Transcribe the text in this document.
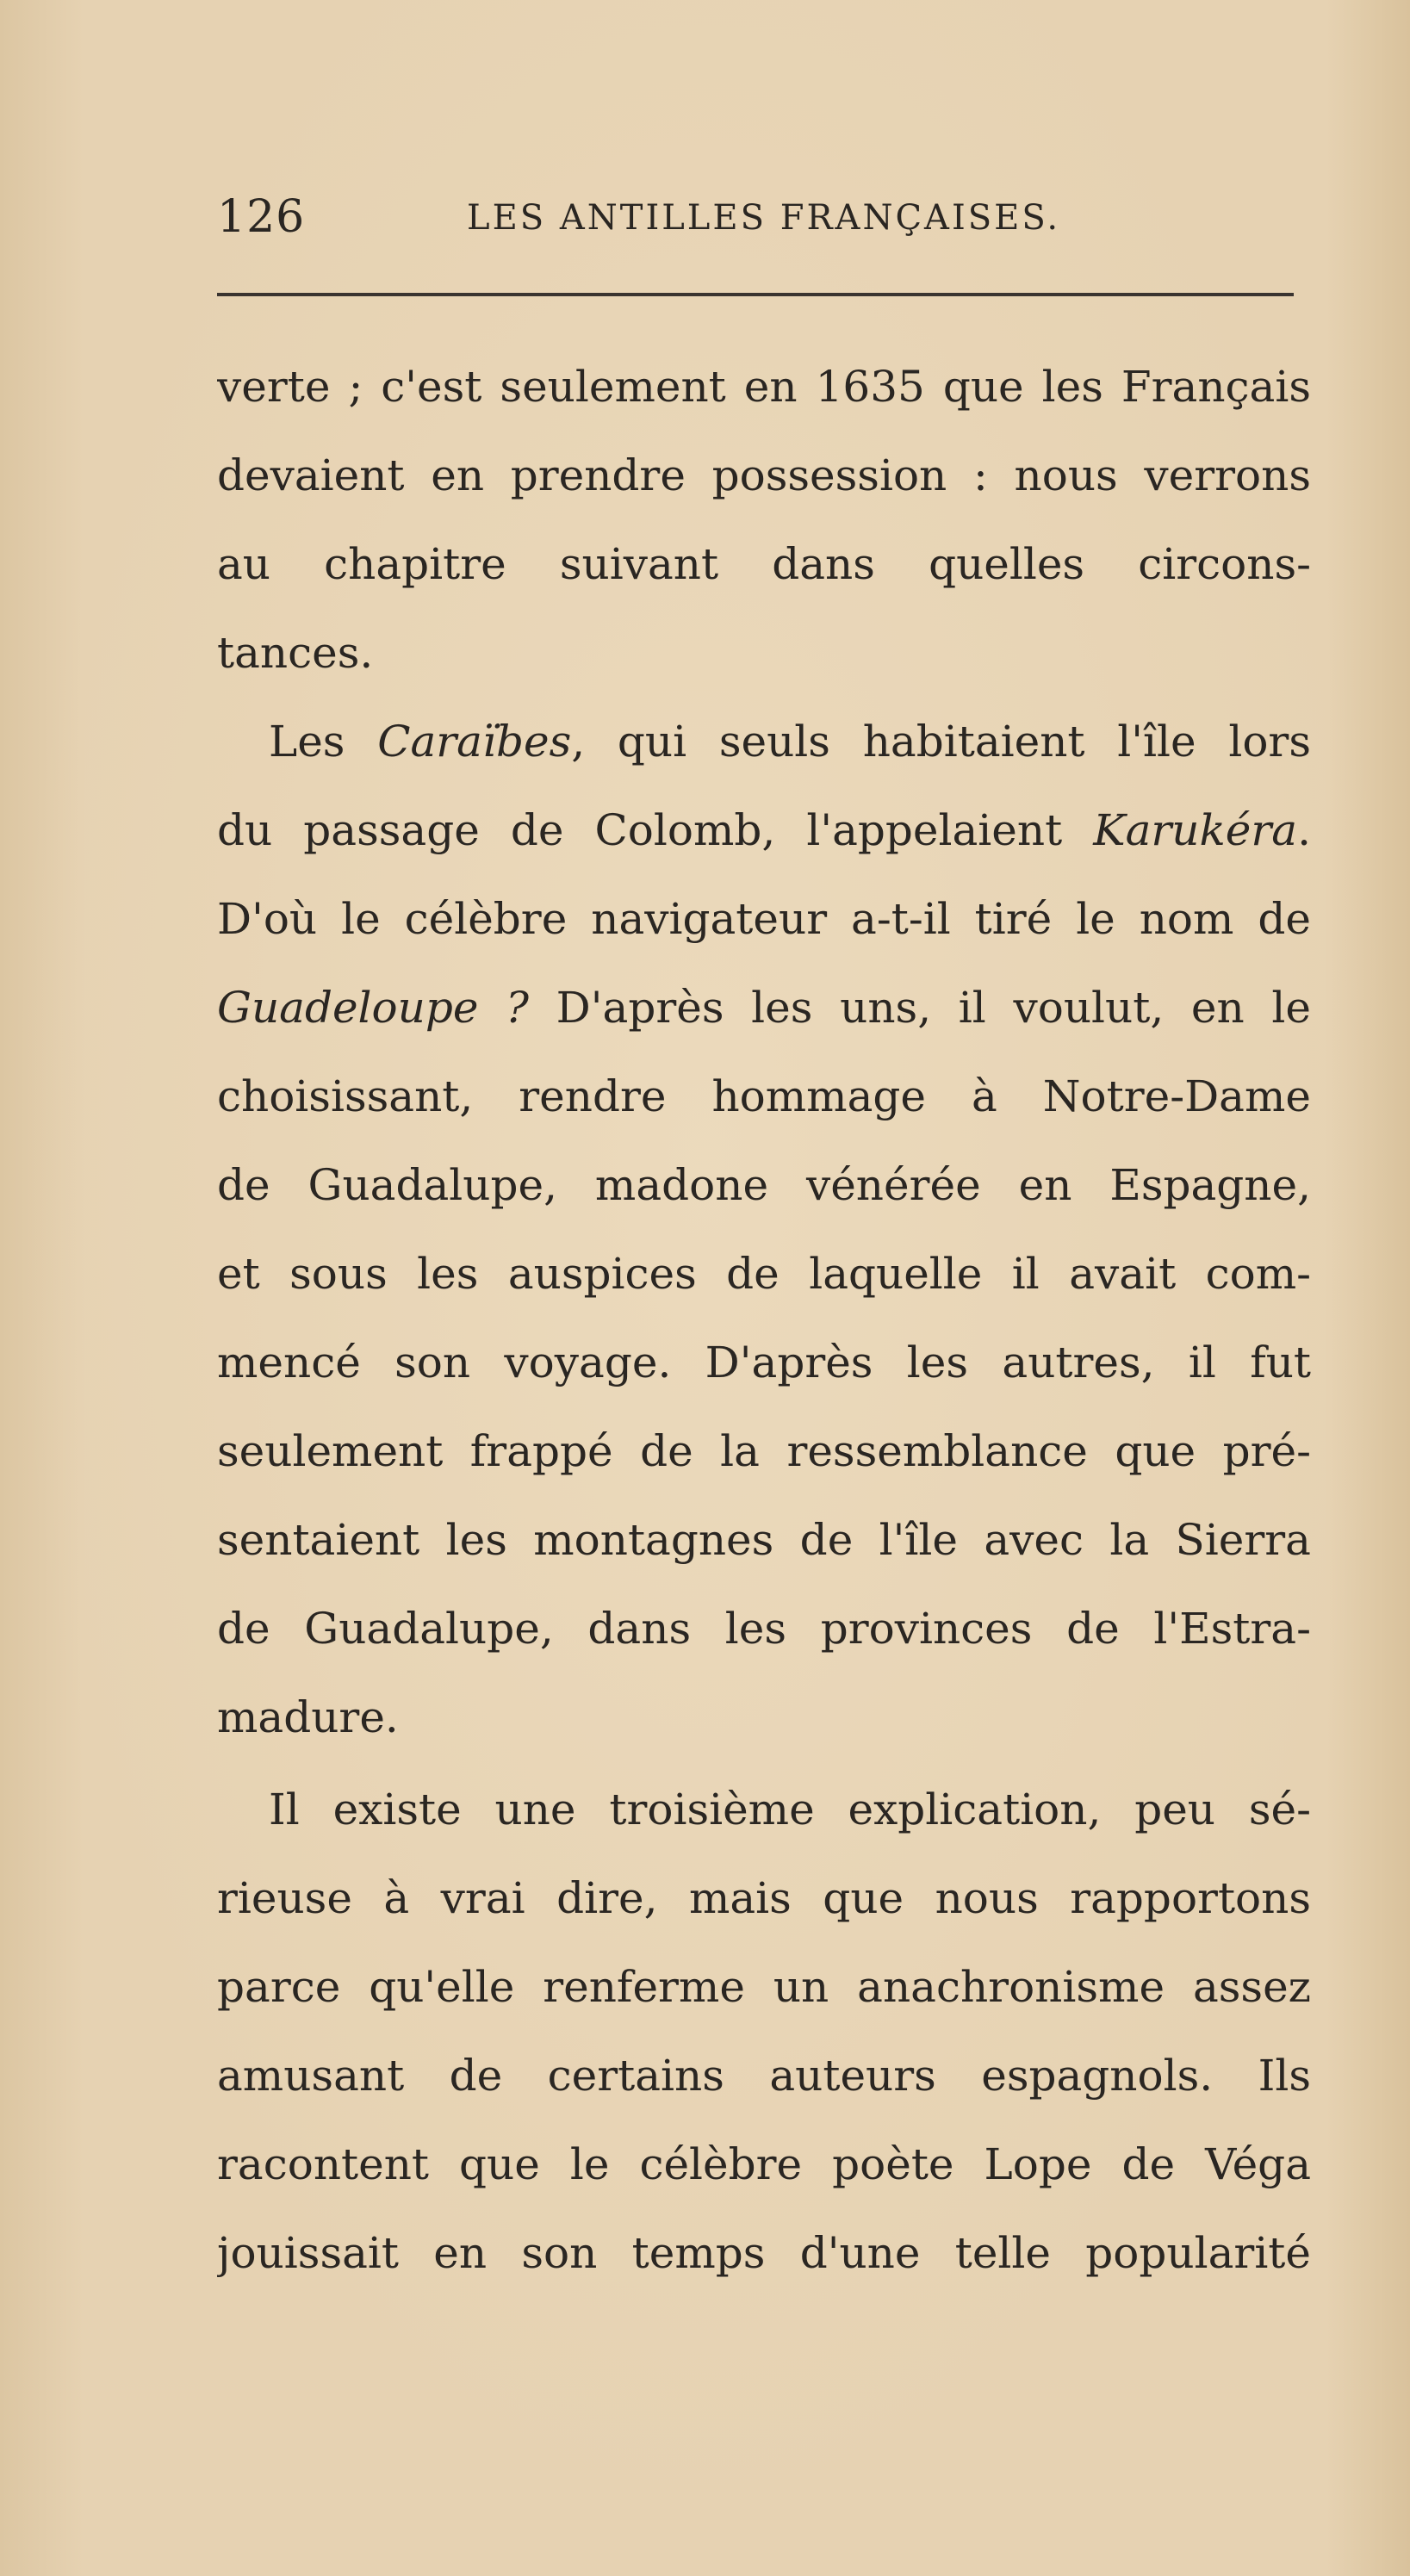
126	LES ANTILLES FRANÇAISES.
verte ; c'est seulement en 1635 que les Français
devaient en prendre possession : nous verrons
au chapitre suivant dans quelles circons-
tances.
Les Caraïbes, qui seuls habitaient l'île lors
du passage de Colomb, l'appelaient Karukéra.
D'où le célèbre navigateur a-t-il tiré le nom de
Guadeloupe ? D'après les uns, il voulut, en le
choisissant, rendre hommage à Notre-Dame
de Guadalupe, madone vénérée en Espagne,
et sous les auspices de laquelle il avait com-
mencé son voyage. D'après les autres, il fut
seulement frappé de la ressemblance que pré-
sentaient les montagnes de l'île avec la Sierra
de Guadalupe, dans les provinces de l'Estra-
madure.
Il existe une troisième explication, peu sé-
rieuse à vrai dire, mais que nous rapportons
parce qu'elle renferme un anachronisme assez
amusant de certains auteurs espagnols. Ils
racontent que le célèbre poète Lope de Véga
jouissait en son temps d'une telle popularité
